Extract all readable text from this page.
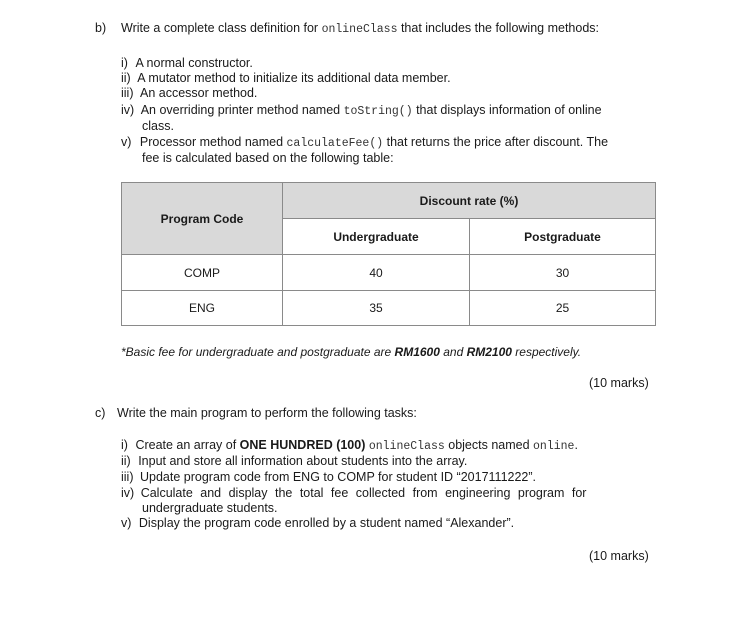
b) Write a complete class definition for onlineClass that includes the following methods:
i) A normal constructor.
ii) A mutator method to initialize its additional data member.
iii) An accessor method.
iv) An overriding printer method named toString() that displays information of online
class.
v) Processor method named calculateFee() that returns the price after discount. The
fee is calculated based on the following table:
Program Code	Discount rate (%)	
	Undergraduate	Postgraduate
COMP	40	30
ENG	35	25
*Basic fee for undergraduate and postgraduate are RM1600 and RM2100 respectively.
(10 marks)
c) Write the main program to perform the following tasks:
i) Create an array of ONE HUNDRED (100) onlineClass objects named online.
ii) Input and store all information about students into the array.
iii) Update program code from ENG to COMP for student ID “2017111222”.
iv) Calculate and display the total fee collected from engineering program for
undergraduate students.
v) Display the program code enrolled by a student named “Alexander”.
(10 marks)
